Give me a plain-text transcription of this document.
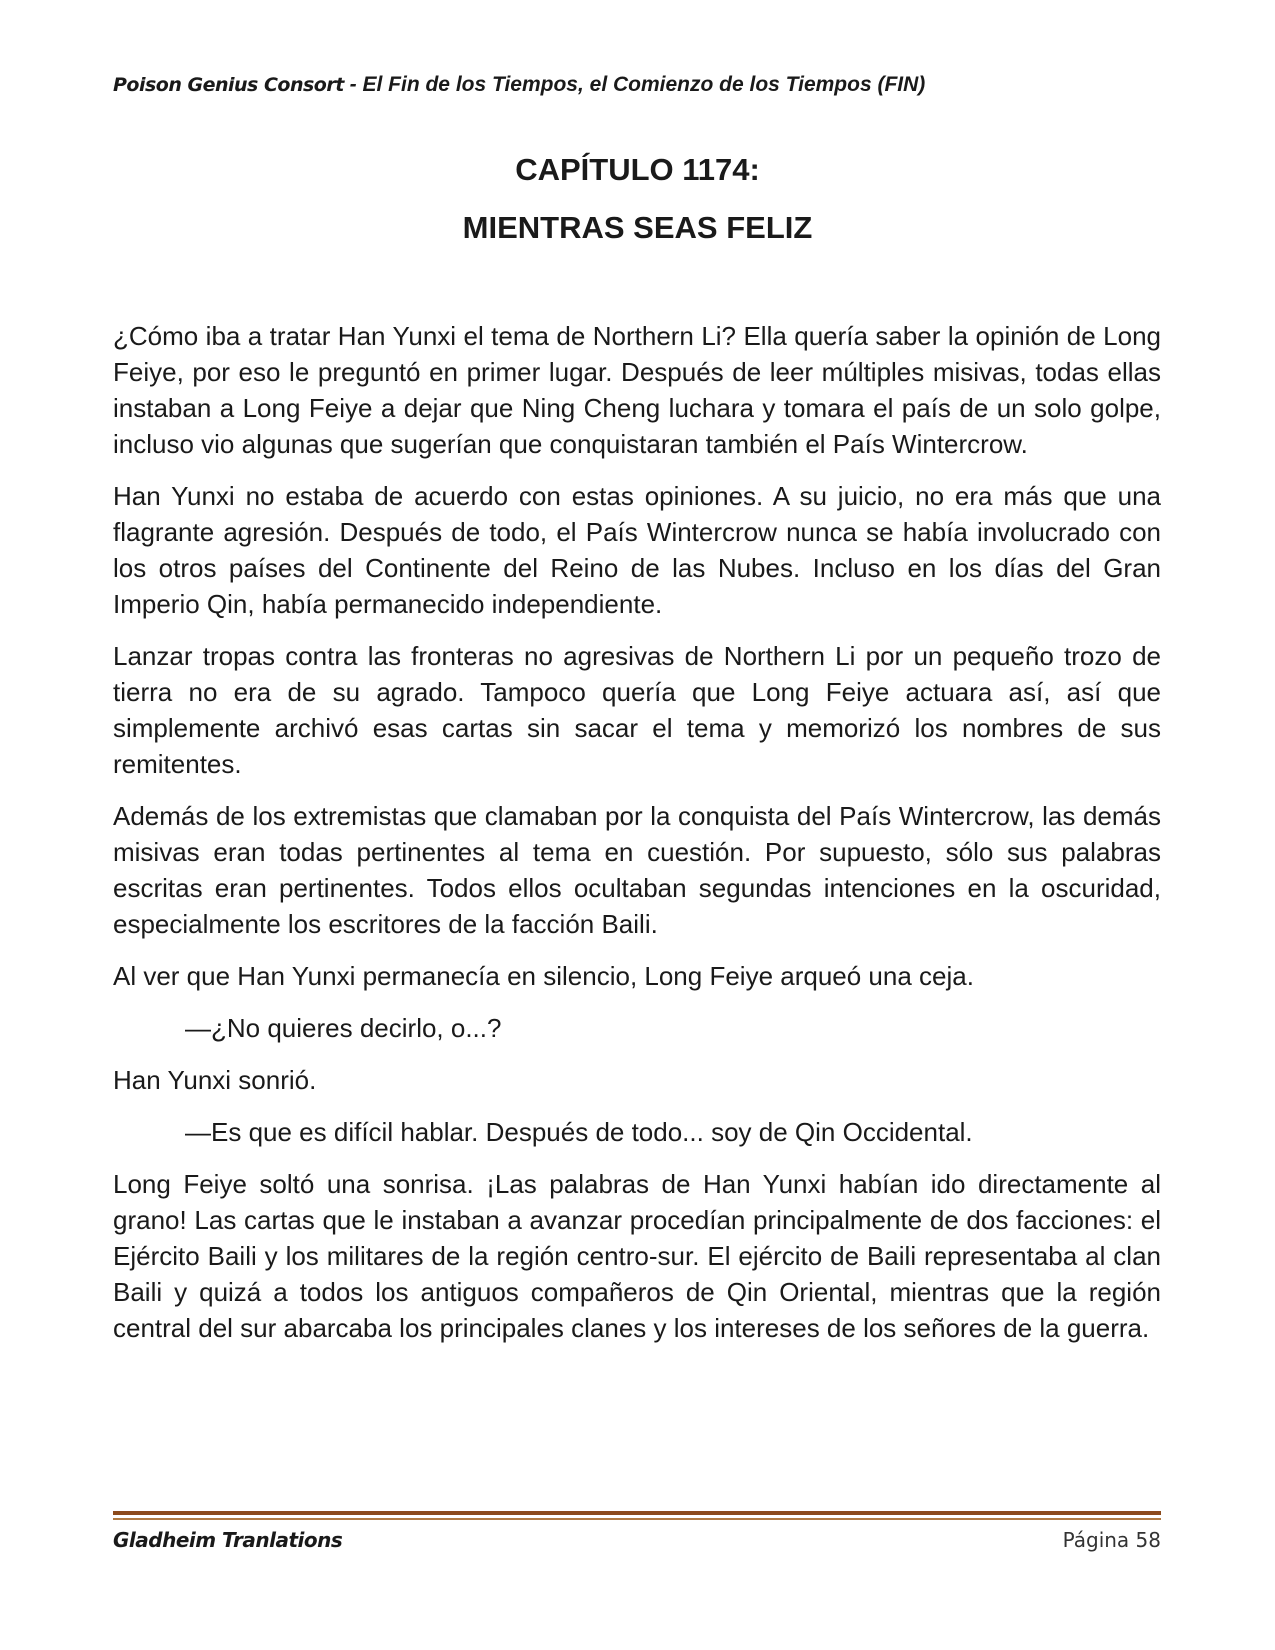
Poison Genius Consort - El Fin de los Tiempos, el Comienzo de los Tiempos (FIN)
CAPÍTULO 1174:
MIENTRAS SEAS FELIZ

¿Cómo iba a tratar Han Yunxi el tema de Northern Li? Ella quería saber la opinión de Long Feiye, por eso le preguntó en primer lugar. Después de leer múltiples misivas, todas ellas instaban a Long Feiye a dejar que Ning Cheng luchara y tomara el país de un solo golpe, incluso vio algunas que sugerían que conquistaran también el País Wintercrow.

Han Yunxi no estaba de acuerdo con estas opiniones. A su juicio, no era más que una flagrante agresión. Después de todo, el País Wintercrow nunca se había involucrado con los otros países del Continente del Reino de las Nubes. Incluso en los días del Gran Imperio Qin, había permanecido independiente.

Lanzar tropas contra las fronteras no agresivas de Northern Li por un pequeño trozo de tierra no era de su agrado. Tampoco quería que Long Feiye actuara así, así que simplemente archivó esas cartas sin sacar el tema y memorizó los nombres de sus remitentes.

Además de los extremistas que clamaban por la conquista del País Wintercrow, las demás misivas eran todas pertinentes al tema en cuestión. Por supuesto, sólo sus palabras escritas eran pertinentes. Todos ellos ocultaban segundas intenciones en la oscuridad, especialmente los escritores de la facción Baili.

Al ver que Han Yunxi permanecía en silencio, Long Feiye arqueó una ceja.

—¿No quieres decirlo, o...?

Han Yunxi sonrió.

—Es que es difícil hablar. Después de todo... soy de Qin Occidental.

Long Feiye soltó una sonrisa. ¡Las palabras de Han Yunxi habían ido directamente al grano! Las cartas que le instaban a avanzar procedían principalmente de dos facciones: el Ejército Baili y los militares de la región centro-sur. El ejército de Baili representaba al clan Baili y quizá a todos los antiguos compañeros de Qin Oriental, mientras que la región central del sur abarcaba los principales clanes y los intereses de los señores de la guerra.

Gladheim Tranlations	Página 58
